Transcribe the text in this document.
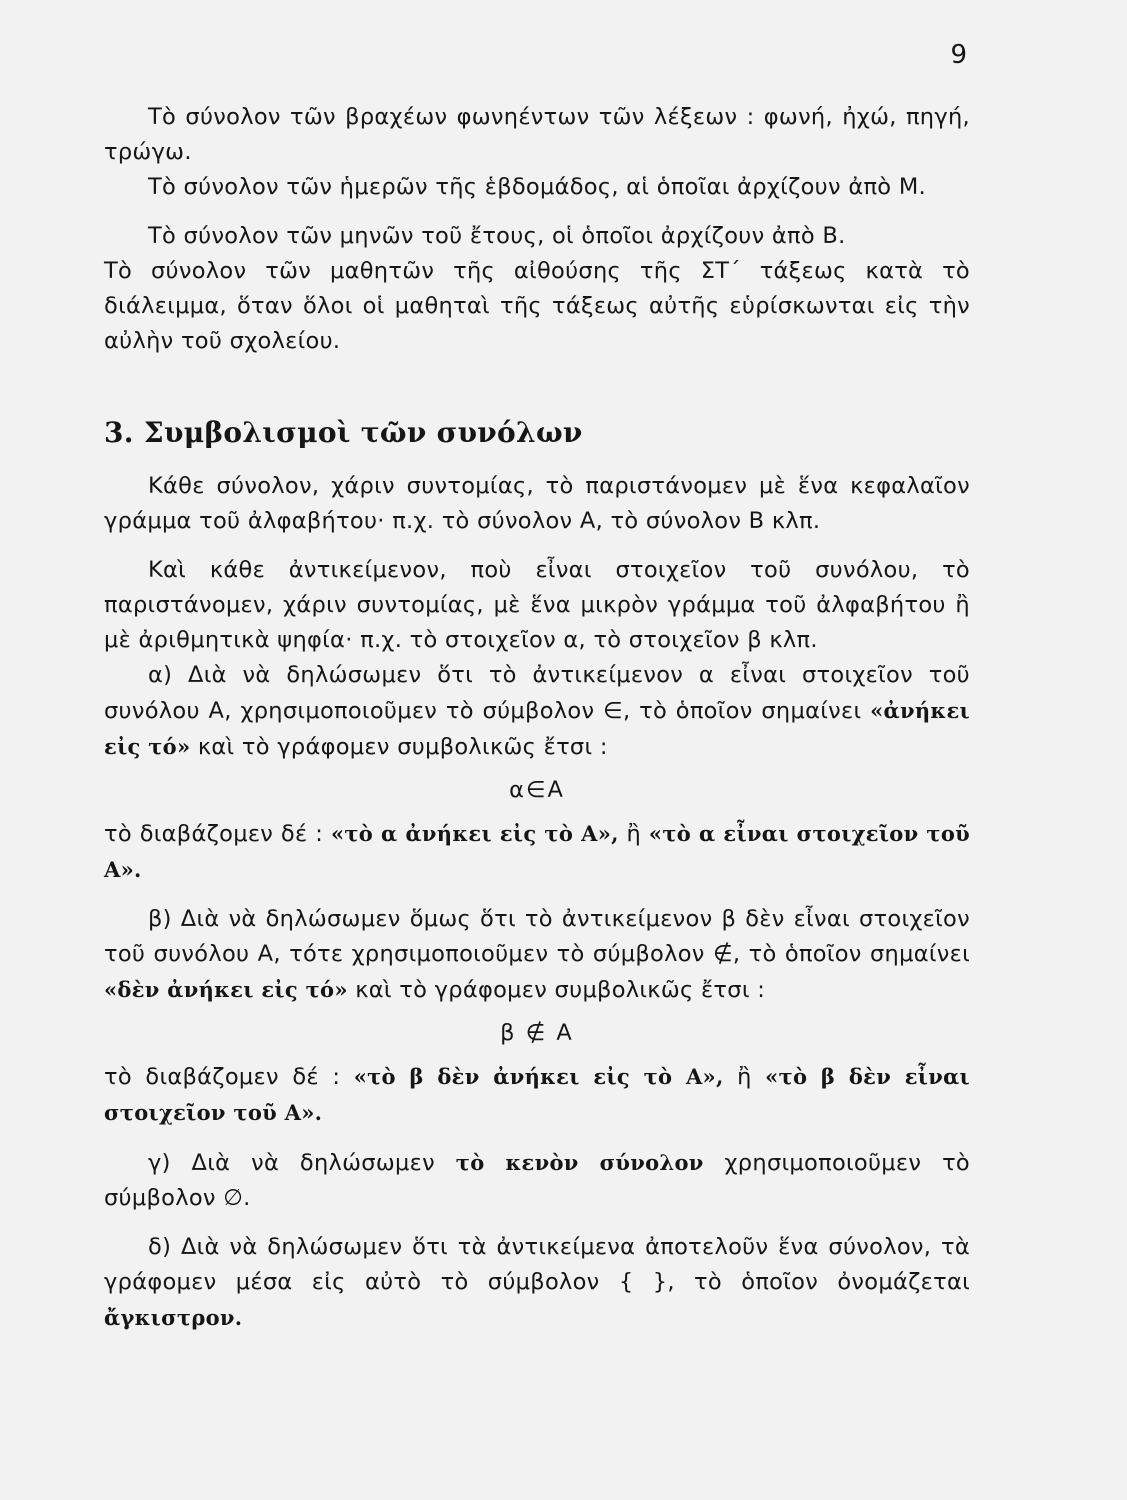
9

Τὸ σύνολον τῶν βραχέων φωνηέντων τῶν λέξεων : φωνή, ἠχώ, πηγή, τρώγω.

Τὸ σύνολον τῶν ἡμερῶν τῆς ἑβδομάδος, αἱ ὁποῖαι ἀρχίζουν ἀπὸ Μ.

Τὸ σύνολον τῶν μηνῶν τοῦ ἔτους, οἱ ὁποῖοι ἀρχίζουν ἀπὸ Β.

Τὸ σύνολον τῶν μαθητῶν τῆς αἰθούσης τῆς ΣΤ΄ τάξεως κατὰ τὸ διάλειμμα, ὅταν ὅλοι οἱ μαθηταὶ τῆς τάξεως αὐτῆς εὑρίσκωνται εἰς τὴν αὐλὴν τοῦ σχολείου.

3. Συμβολισμοὶ τῶν συνόλων

Κάθε σύνολον, χάριν συντομίας, τὸ παριστάνομεν μὲ ἕνα κεφαλαῖον γράμμα τοῦ ἀλφαβήτου· π.χ. τὸ σύνολον Α, τὸ σύνολον Β κλπ.

Καὶ κάθε ἀντικείμενον, ποὺ εἶναι στοιχεῖον τοῦ συνόλου, τὸ παριστάνομεν, χάριν συντομίας, μὲ ἕνα μικρὸν γράμμα τοῦ ἀλφαβήτου ἢ μὲ ἀριθμητικὰ ψηφία· π.χ. τὸ στοιχεῖον α, τὸ στοιχεῖον β κλπ.

α) Διὰ νὰ δηλώσωμεν ὅτι τὸ ἀντικείμενον α εἶναι στοιχεῖον τοῦ συνόλου Α, χρησιμοποιοῦμεν τὸ σύμβολον ∈, τὸ ὁποῖον σημαίνει «ἀνήκει εἰς τό» καὶ τὸ γράφομεν συμβολικῶς ἔτσι :

α∈Α

τὸ διαβάζομεν δέ : «τὸ α ἀνήκει εἰς τὸ Α», ἢ «τὸ α εἶναι στοιχεῖον τοῦ Α».

β) Διὰ νὰ δηλώσωμεν ὅμως ὅτι τὸ ἀντικείμενον β δὲν εἶναι στοιχεῖον τοῦ συνόλου Α, τότε χρησιμοποιοῦμεν τὸ σύμβολον ∉, τὸ ὁποῖον σημαίνει «δὲν ἀνήκει εἰς τό» καὶ τὸ γράφομεν συμβολικῶς ἔτσι :

β ∉ Α

τὸ διαβάζομεν δέ : «τὸ β δὲν ἀνήκει εἰς τὸ Α», ἢ «τὸ β δὲν εἶναι στοιχεῖον τοῦ Α».

γ) Διὰ νὰ δηλώσωμεν τὸ κενὸν σύνολον χρησιμοποιοῦμεν τὸ σύμβολον ∅.

δ) Διὰ νὰ δηλώσωμεν ὅτι τὰ ἀντικείμενα ἀποτελοῦν ἕνα σύνολον, τὰ γράφομεν μέσα εἰς αὐτὸ τὸ σύμβολον { }, τὸ ὁποῖον ὀνομάζεται ἄγκιστρον.
